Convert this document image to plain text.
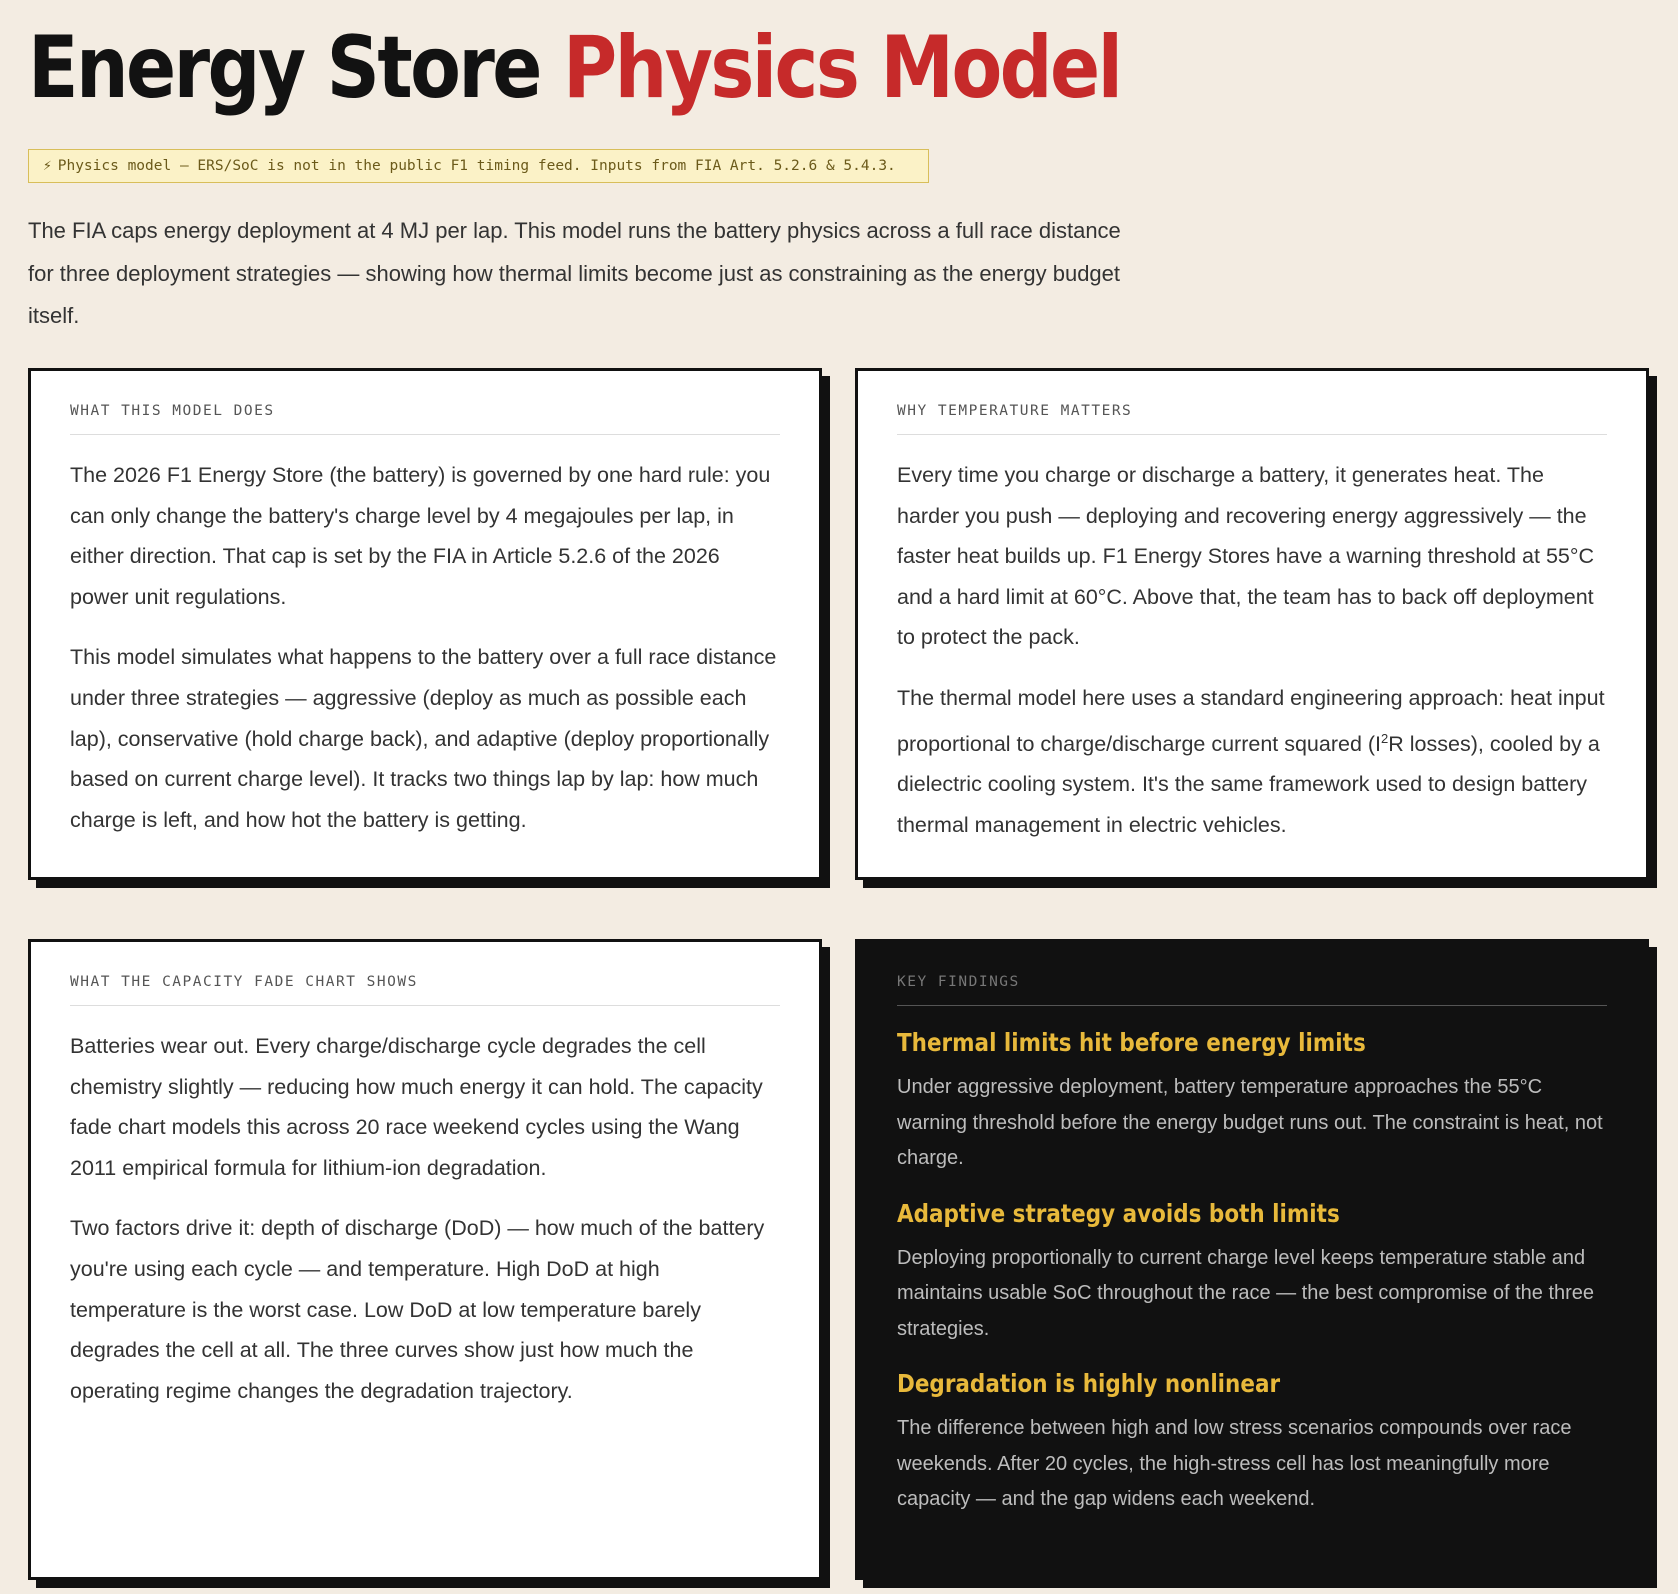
Energy Store Physics Model
⚡ Physics model — ERS/SoC is not in the public F1 timing feed. Inputs from FIA Art. 5.2.6 & 5.4.3.

The FIA caps energy deployment at 4 MJ per lap. This model runs the battery physics across a full race distance for three deployment strategies — showing how thermal limits become just as constraining as the energy budget itself.

WHAT THIS MODEL DOES

The 2026 F1 Energy Store (the battery) is governed by one hard rule: you can only change the battery's charge level by 4 megajoules per lap, in either direction. That cap is set by the FIA in Article 5.2.6 of the 2026 power unit regulations.

This model simulates what happens to the battery over a full race distance under three strategies — aggressive (deploy as much as possible each lap), conservative (hold charge back), and adaptive (deploy proportionally based on current charge level). It tracks two things lap by lap: how much charge is left, and how hot the battery is getting.

WHY TEMPERATURE MATTERS

Every time you charge or discharge a battery, it generates heat. The harder you push — deploying and recovering energy aggressively — the faster heat builds up. F1 Energy Stores have a warning threshold at 55°C and a hard limit at 60°C. Above that, the team has to back off deployment to protect the pack.

The thermal model here uses a standard engineering approach: heat input proportional to charge/discharge current squared ($I^2R$ losses), cooled by a dielectric cooling system. It's the same framework used to design battery thermal management in electric vehicles.

WHAT THE CAPACITY FADE CHART SHOWS

Batteries wear out. Every charge/discharge cycle degrades the cell chemistry slightly — reducing how much energy it can hold. The capacity fade chart models this across 20 race weekend cycles using the Wang 2011 empirical formula for lithium-ion degradation.

Two factors drive it: depth of discharge (DoD) — how much of the battery you're using each cycle — and temperature. High DoD at high temperature is the worst case. Low DoD at low temperature barely degrades the cell at all. The three curves show just how much the operating regime changes the degradation trajectory.

KEY FINDINGS
Thermal limits hit before energy limits
Under aggressive deployment, battery temperature approaches the 55°C warning threshold before the energy budget runs out. The constraint is heat, not charge.
Adaptive strategy avoids both limits
Deploying proportionally to current charge level keeps temperature stable and maintains usable SoC throughout the race — the best compromise of the three strategies.
Degradation is highly nonlinear
The difference between high and low stress scenarios compounds over race weekends. After 20 cycles, the high-stress cell has lost meaningfully more capacity — and the gap widens each weekend.
